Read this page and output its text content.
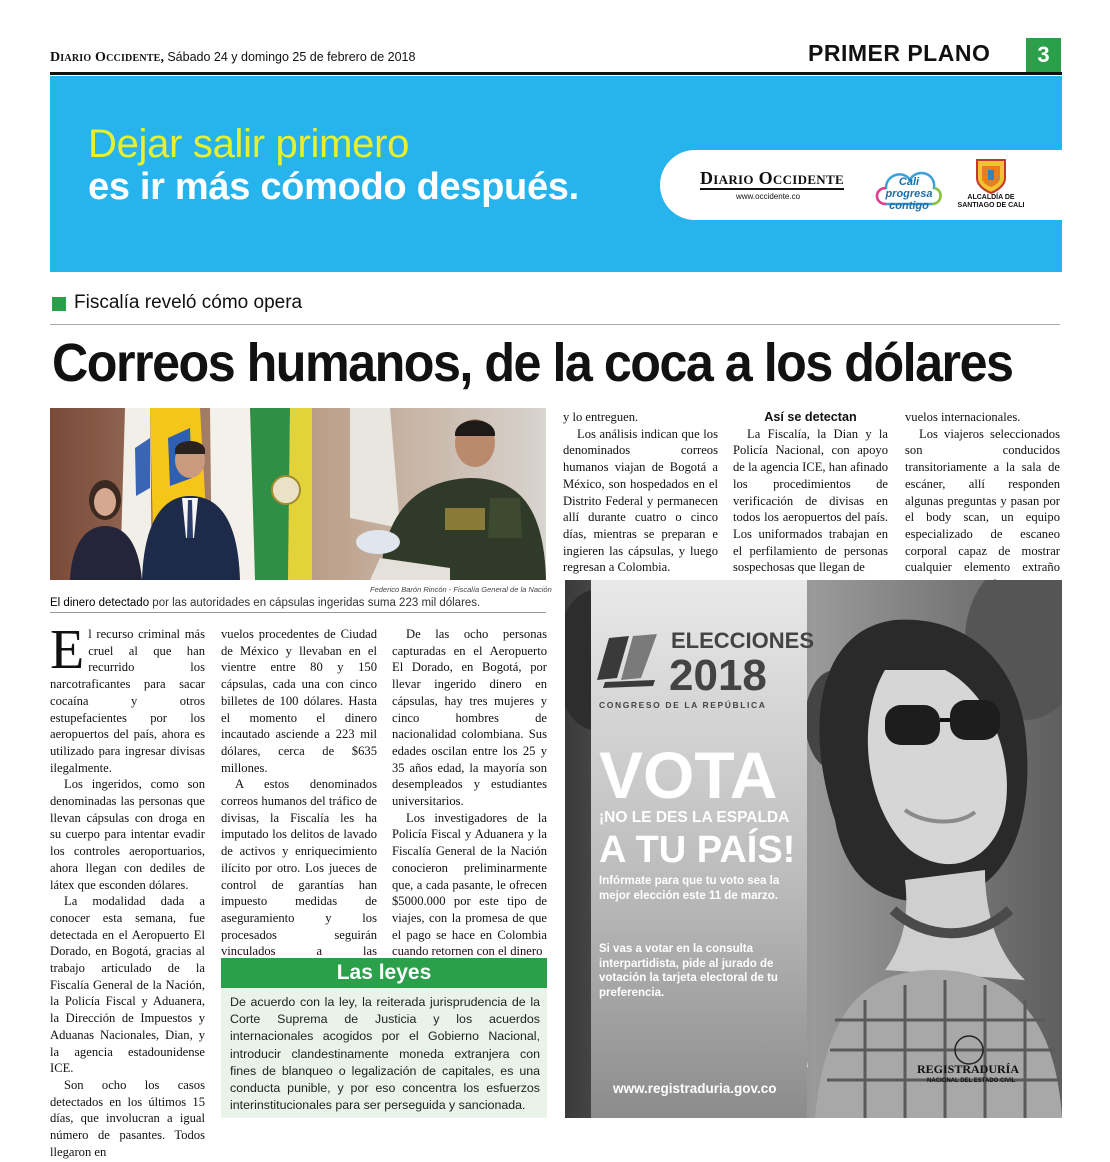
Diario Occidente, Sábado 24 y domingo 25 de febrero de 2018	PRIMER PLANO	3
Dejar salir primero
es ir más cómodo después.	Diario Occidente
www.occidente.co
Cali progresa contigo
ALCALDÍA DE SANTIAGO DE CALI
Fiscalía reveló cómo opera
Correos humanos, de la coca a los dólares
Federico Barón Rincón - Fiscalía General de la Nación
El dinero detectado por las autoridades en cápsulas ingeridas suma 223 mil dólares.

El recurso criminal más cruel al que han recurrido los narcotraficantes para sacar cocaína y otros estupefacientes por los aeropuertos del país, ahora es utilizado para ingresar divisas ilegalmente.

Los ingeridos, como son denominadas las personas que llevan cápsulas con droga en su cuerpo para intentar evadir los controles aeroportuarios, ahora llegan con dediles de látex que esconden dólares.

La modalidad dada a conocer esta semana, fue detectada en el Aeropuerto El Dorado, en Bogotá, gracias al trabajo articulado de la Fiscalía General de la Nación, la Policía Fiscal y Aduanera, la Dirección de Impuestos y Aduanas Nacionales, Dian, y la agencia estadounidense ICE.

Son ocho los casos detectados en los últimos 15 días, que involucran a igual número de pasantes. Todos llegaron en

vuelos procedentes de Ciudad de México y llevaban en el vientre entre 80 y 150 cápsulas, cada una con cinco billetes de 100 dólares. Hasta el momento el dinero incautado asciende a 223 mil dólares, cerca de $635 millones.

A estos denominados correos humanos del tráfico de divisas, la Fiscalía les ha imputado los delitos de lavado de activos y enriquecimiento ilícito por otro. Los jueces de control de garantías han impuesto medidas de aseguramiento y los procesados seguirán vinculados a las

De las ocho personas capturadas en el Aeropuerto El Dorado, en Bogotá, por llevar ingerido dinero en cápsulas, hay tres mujeres y cinco hombres de nacionalidad colombiana. Sus edades oscilan entre los 25 y 35 años edad, la mayoría son desempleados y estudiantes universitarios.

Los investigadores de la Policía Fiscal y Aduanera y la Fiscalía General de la Nación conocieron preliminarmente que, a cada pasante, le ofrecen $5000.000 por este tipo de viajes, con la promesa de que el pago se hace en Colombia cuando retornen con el dinero

y lo entreguen.

Los análisis indican que los denominados correos humanos viajan de Bogotá a México, son hospedados en el Distrito Federal y permanecen allí durante cuatro o cinco días, mientras se preparan e ingieren las cápsulas, y luego regresan a Colombia.

Así se detectan

La Fiscalía, la Dian y la Policía Nacional, con apoyo de la agencia ICE, han afinado los procedimientos de verificación de divisas en todos los aeropuertos del país. Los uniformados trabajan en el perfilamiento de personas sospechosas que llegan de

vuelos internacionales.

Los viajeros seleccionados son conducidos transitoriamente a la sala de escáner, allí responden algunas preguntas y pasan por el body scan, un equipo especializado de escaneo corporal capaz de mostrar cualquier elemento extraño

Las leyes
De acuerdo con la ley, la reiterada jurisprudencia de la Corte Suprema de Justicia y los acuerdos internacionales acogidos por el Gobierno Nacional, introducir clandestinamente moneda extranjera con fines de blanqueo o legalización de capitales, es una conducta punible, y por eso concentra los esfuerzos interinstitucionales para ser perseguida y sancionada.
ELECCIONES
2018
CONGRESO DE LA REPÚBLICA
VOTA
¡NO LE DES LA ESPALDA
A TU PAÍS!
Infórmate para que tu voto sea la mejor elección este 11 de marzo.
Si vas a votar en la consulta interpartidista, pide al jurado de votación la tarjeta electoral de tu preferencia.
www.registraduria.gov.co
REGISTRADURÍA
NACIONAL DEL ESTADO CIVIL
